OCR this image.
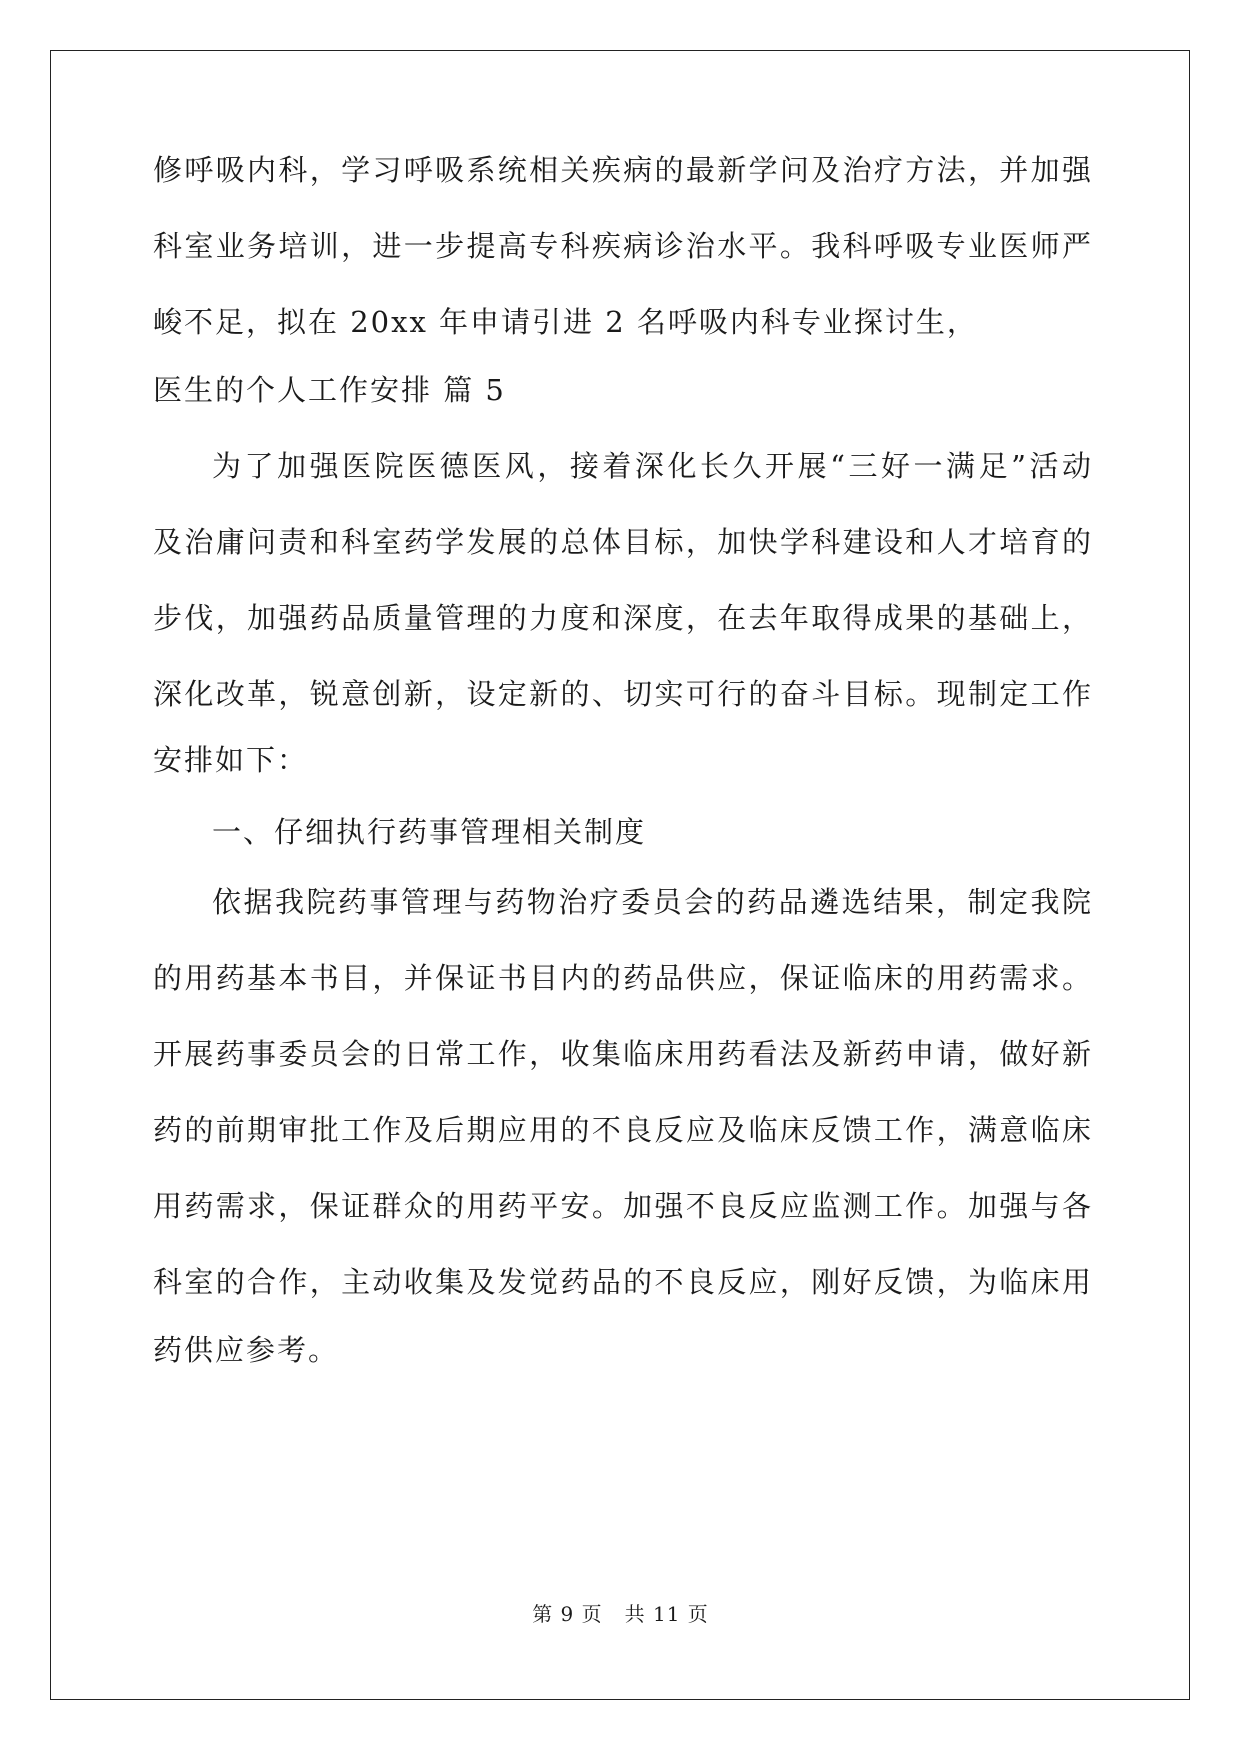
修呼吸内科，学习呼吸系统相关疾病的最新学问及治疗方法，并加强
科室业务培训，进一步提高专科疾病诊治水平。我科呼吸专业医师严
峻不足，拟在 20xx 年申请引进 2 名呼吸内科专业探讨生，
医生的个人工作安排 篇 5
为了加强医院医德医风，接着深化长久开展“三好一满足”活动
及治庸问责和科室药学发展的总体目标，加快学科建设和人才培育的
步伐，加强药品质量管理的力度和深度，在去年取得成果的基础上，
深化改革，锐意创新，设定新的、切实可行的奋斗目标。现制定工作
安排如下：
一、仔细执行药事管理相关制度
依据我院药事管理与药物治疗委员会的药品遴选结果，制定我院
的用药基本书目，并保证书目内的药品供应，保证临床的用药需求。
开展药事委员会的日常工作，收集临床用药看法及新药申请，做好新
药的前期审批工作及后期应用的不良反应及临床反馈工作，满意临床
用药需求，保证群众的用药平安。加强不良反应监测工作。加强与各
科室的合作，主动收集及发觉药品的不良反应，刚好反馈，为临床用
药供应参考。
第 9 页 共 11 页
